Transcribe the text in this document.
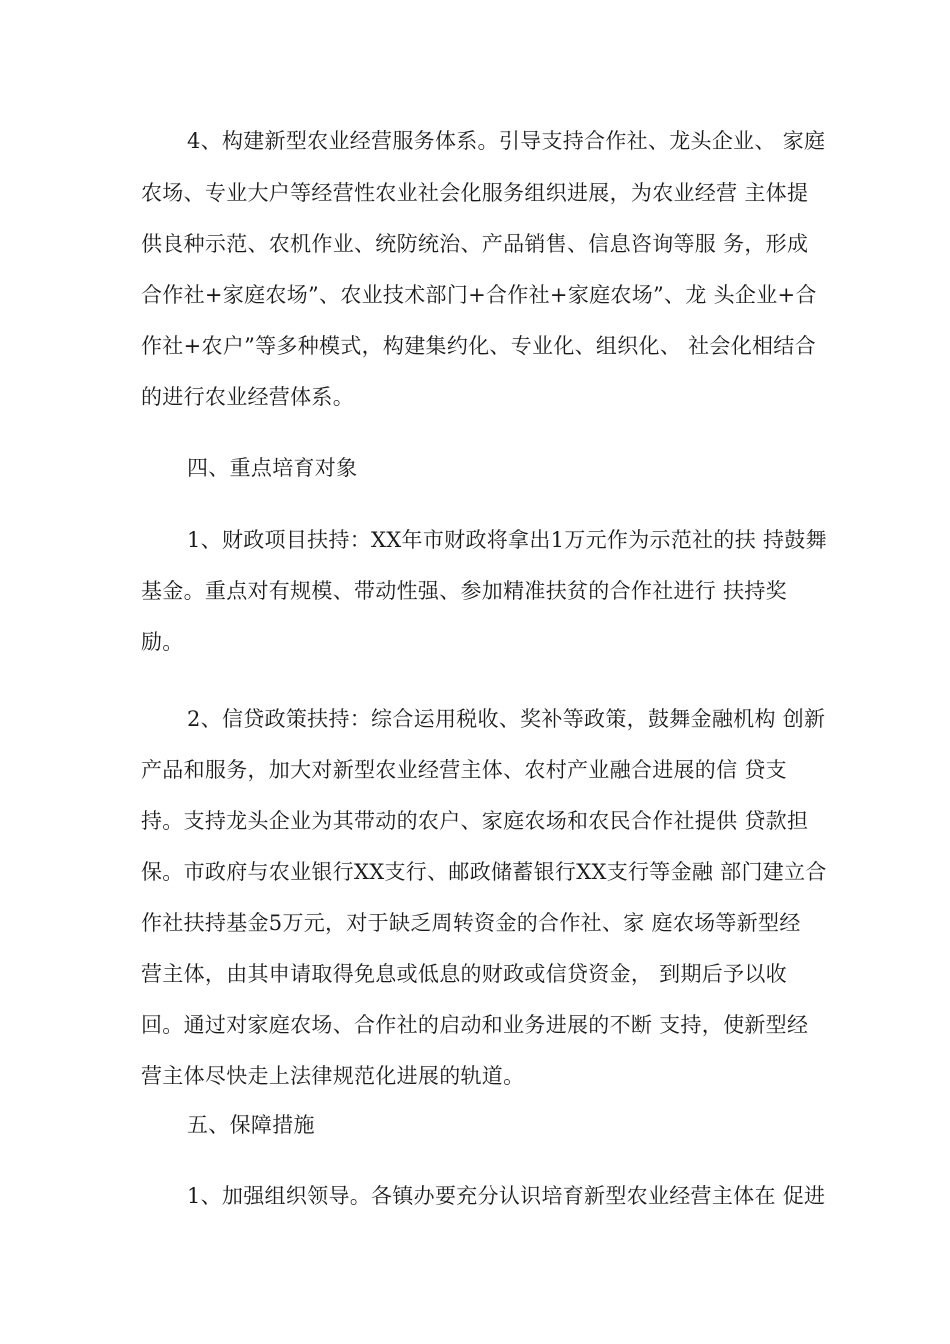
4、构建新型农业经营服务体系。引导支持合作社、龙头企业、 家庭
农场、专业大户等经营性农业社会化服务组织进展，为农业经营 主体提
供良种示范、农机作业、统防统治、产品销售、信息咨询等服 务，形成
合作社+家庭农场”、农业技术部门+合作社+家庭农场”、龙 头企业+合
作社+农户”等多种模式，构建集约化、专业化、组织化、 社会化相结合
的进行农业经营体系。
四、重点培育对象
1、财政项目扶持：XX年市财政将拿出1万元作为示范社的扶 持鼓舞
基金。重点对有规模、带动性强、参加精准扶贫的合作社进行 扶持奖
励。
2、信贷政策扶持：综合运用税收、奖补等政策，鼓舞金融机构 创新
产品和服务，加大对新型农业经营主体、农村产业融合进展的信 贷支
持。支持龙头企业为其带动的农户、家庭农场和农民合作社提供 贷款担
保。市政府与农业银行XX支行、邮政储蓄银行XX支行等金融 部门建立合
作社扶持基金5万元，对于缺乏周转资金的合作社、家 庭农场等新型经
营主体，由其申请取得免息或低息的财政或信贷资金， 到期后予以收
回。通过对家庭农场、合作社的启动和业务进展的不断 支持，使新型经
营主体尽快走上法律规范化进展的轨道。
五、保障措施
1、加强组织领导。各镇办要充分认识培育新型农业经营主体在 促进
